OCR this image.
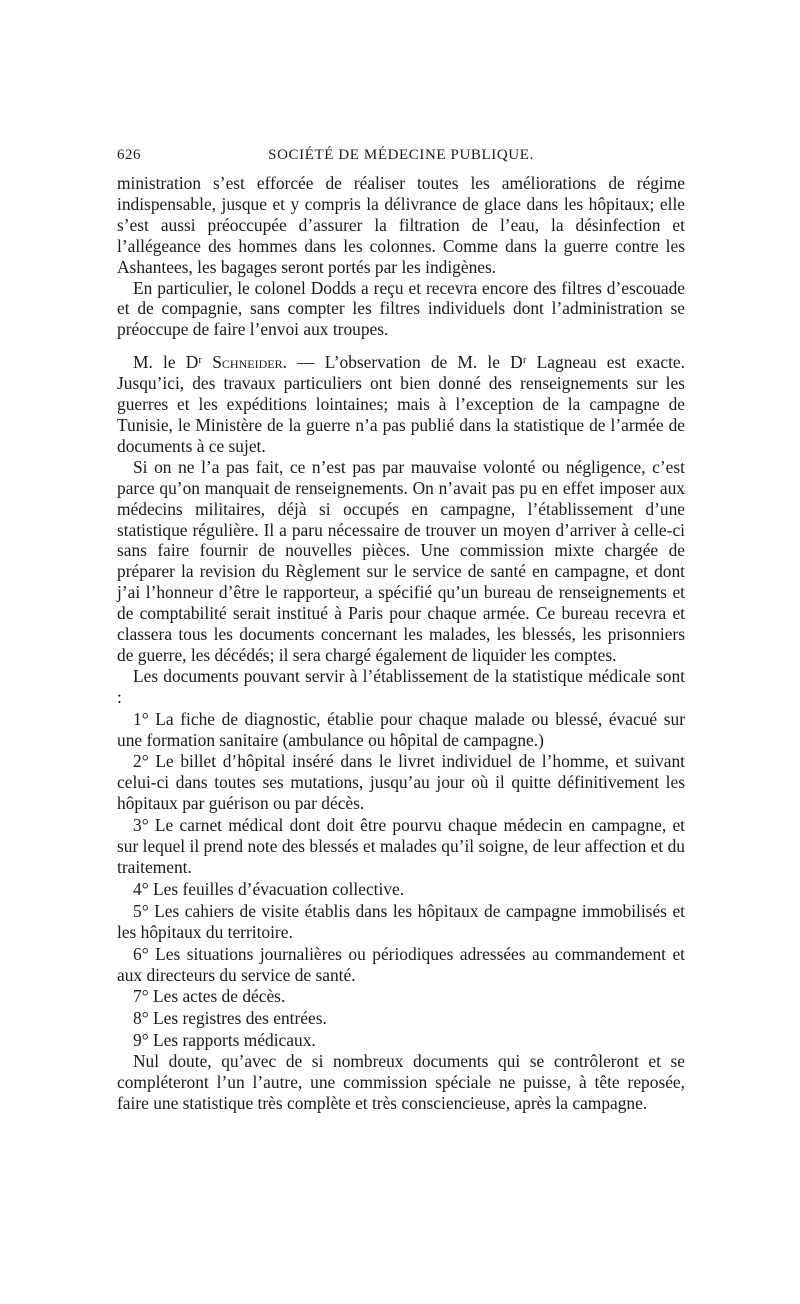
626	SOCIÉTÉ DE MÉDECINE PUBLIQUE.

ministration s’est efforcée de réaliser toutes les améliorations de régime indispensable, jusque et y compris la délivrance de glace dans les hôpitaux; elle s’est aussi préoccupée d’assurer la filtration de l’eau, la désinfection et l’allégeance des hommes dans les colonnes. Comme dans la guerre contre les Ashantees, les bagages seront portés par les indigènes.

En particulier, le colonel Dodds a reçu et recevra encore des filtres d’escouade et de compagnie, sans compter les filtres individuels dont l’administration se préoccupe de faire l’envoi aux troupes.

M. le Dʳ Schneider. — L’observation de M. le Dʳ Lagneau est exacte. Jusqu’ici, des travaux particuliers ont bien donné des renseignements sur les guerres et les expéditions lointaines; mais à l’exception de la campagne de Tunisie, le Ministère de la guerre n’a pas publié dans la statistique de l’armée de documents à ce sujet.

Si on ne l’a pas fait, ce n’est pas par mauvaise volonté ou négligence, c’est parce qu’on manquait de renseignements. On n’avait pas pu en effet imposer aux médecins militaires, déjà si occupés en campagne, l’établissement d’une statistique régulière. Il a paru nécessaire de trouver un moyen d’arriver à celle-ci sans faire fournir de nouvelles pièces. Une commission mixte chargée de préparer la revision du Règlement sur le service de santé en campagne, et dont j’ai l’honneur d’être le rapporteur, a spécifié qu’un bureau de renseignements et de comptabilité serait institué à Paris pour chaque armée. Ce bureau recevra et classera tous les documents concernant les malades, les blessés, les prisonniers de guerre, les décédés; il sera chargé également de liquider les comptes.

Les documents pouvant servir à l’établissement de la statistique médicale sont :

1° La fiche de diagnostic, établie pour chaque malade ou blessé, évacué sur une formation sanitaire (ambulance ou hôpital de campagne.)

2° Le billet d’hôpital inséré dans le livret individuel de l’homme, et suivant celui-ci dans toutes ses mutations, jusqu’au jour où il quitte définitivement les hôpitaux par guérison ou par décès.

3° Le carnet médical dont doit être pourvu chaque médecin en campagne, et sur lequel il prend note des blessés et malades qu’il soigne, de leur affection et du traitement.

4° Les feuilles d’évacuation collective.

5° Les cahiers de visite établis dans les hôpitaux de campagne immobilisés et les hôpitaux du territoire.

6° Les situations journalières ou périodiques adressées au commandement et aux directeurs du service de santé.

7° Les actes de décès.

8° Les registres des entrées.

9° Les rapports médicaux.

Nul doute, qu’avec de si nombreux documents qui se contrôleront et se compléteront l’un l’autre, une commission spéciale ne puisse, à tête reposée, faire une statistique très complète et très consciencieuse, après la campagne.
